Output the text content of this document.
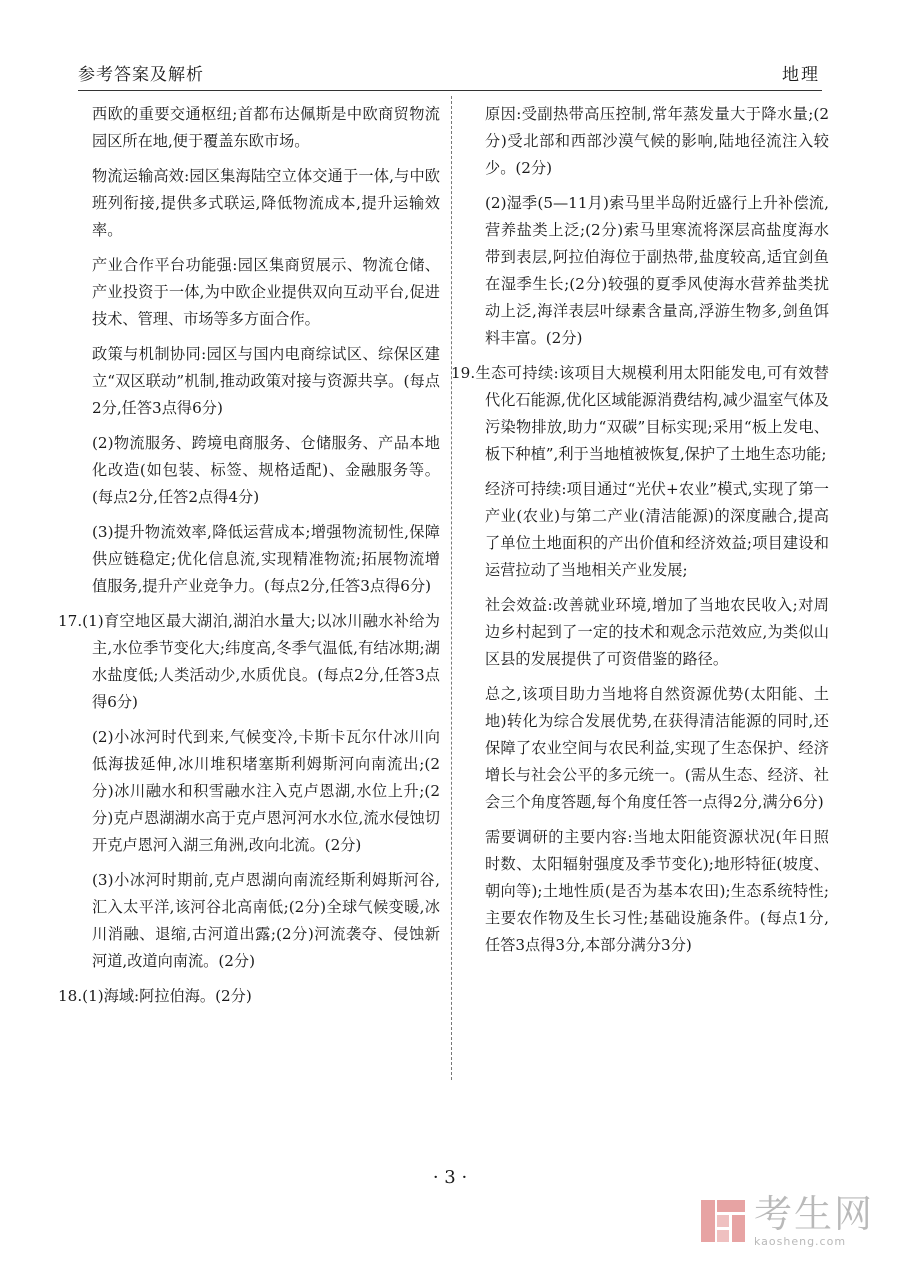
参考答案及解析	地理

西欧的重要交通枢纽;首都布达佩斯是中欧商贸物流园区所在地,便于覆盖东欧市场。

物流运输高效:园区集海陆空立体交通于一体,与中欧班列衔接,提供多式联运,降低物流成本,提升运输效率。

产业合作平台功能强:园区集商贸展示、物流仓储、产业投资于一体,为中欧企业提供双向互动平台,促进技术、管理、市场等多方面合作。

政策与机制协同:园区与国内电商综试区、综保区建立“双区联动”机制,推动政策对接与资源共享。(每点2分,任答3点得6分)

(2)物流服务、跨境电商服务、仓储服务、产品本地化改造(如包装、标签、规格适配)、金融服务等。(每点2分,任答2点得4分)

(3)提升物流效率,降低运营成本;增强物流韧性,保障供应链稳定;优化信息流,实现精准物流;拓展物流增值服务,提升产业竞争力。(每点2分,任答3点得6分)

17.(1)育空地区最大湖泊,湖泊水量大;以冰川融水补给为主,水位季节变化大;纬度高,冬季气温低,有结冰期;湖水盐度低;人类活动少,水质优良。(每点2分,任答3点得6分)

(2)小冰河时代到来,气候变冷,卡斯卡瓦尔什冰川向低海拔延伸,冰川堆积堵塞斯利姆斯河向南流出;(2分)冰川融水和积雪融水注入克卢恩湖,水位上升;(2分)克卢恩湖湖水高于克卢恩河河水水位,流水侵蚀切开克卢恩河入湖三角洲,改向北流。(2分)

(3)小冰河时期前,克卢恩湖向南流经斯利姆斯河谷,汇入太平洋,该河谷北高南低;(2分)全球气候变暖,冰川消融、退缩,古河道出露;(2分)河流袭夺、侵蚀新河道,改道向南流。(2分)

18.(1)海域:阿拉伯海。(2分)

原因:受副热带高压控制,常年蒸发量大于降水量;(2分)受北部和西部沙漠气候的影响,陆地径流注入较少。(2分)

(2)湿季(5—11月)索马里半岛附近盛行上升补偿流,营养盐类上泛;(2分)索马里寒流将深层高盐度海水带到表层,阿拉伯海位于副热带,盐度较高,适宜剑鱼在湿季生长;(2分)较强的夏季风使海水营养盐类扰动上泛,海洋表层叶绿素含量高,浮游生物多,剑鱼饵料丰富。(2分)

19.生态可持续:该项目大规模利用太阳能发电,可有效替代化石能源,优化区域能源消费结构,减少温室气体及污染物排放,助力“双碳”目标实现;采用“板上发电、板下种植”,利于当地植被恢复,保护了土地生态功能;

经济可持续:项目通过“光伏+农业”模式,实现了第一产业(农业)与第二产业(清洁能源)的深度融合,提高了单位土地面积的产出价值和经济效益;项目建设和运营拉动了当地相关产业发展;

社会效益:改善就业环境,增加了当地农民收入;对周边乡村起到了一定的技术和观念示范效应,为类似山区县的发展提供了可资借鉴的路径。

总之,该项目助力当地将自然资源优势(太阳能、土地)转化为综合发展优势,在获得清洁能源的同时,还保障了农业空间与农民利益,实现了生态保护、经济增长与社会公平的多元统一。(需从生态、经济、社会三个角度答题,每个角度任答一点得2分,满分6分)

需要调研的主要内容:当地太阳能资源状况(年日照时数、太阳辐射强度及季节变化);地形特征(坡度、朝向等);土地性质(是否为基本农田);生态系统特性;主要农作物及生长习性;基础设施条件。(每点1分,任答3点得3分,本部分满分3分)

· 3 ·
考生网
kaosheng.com
